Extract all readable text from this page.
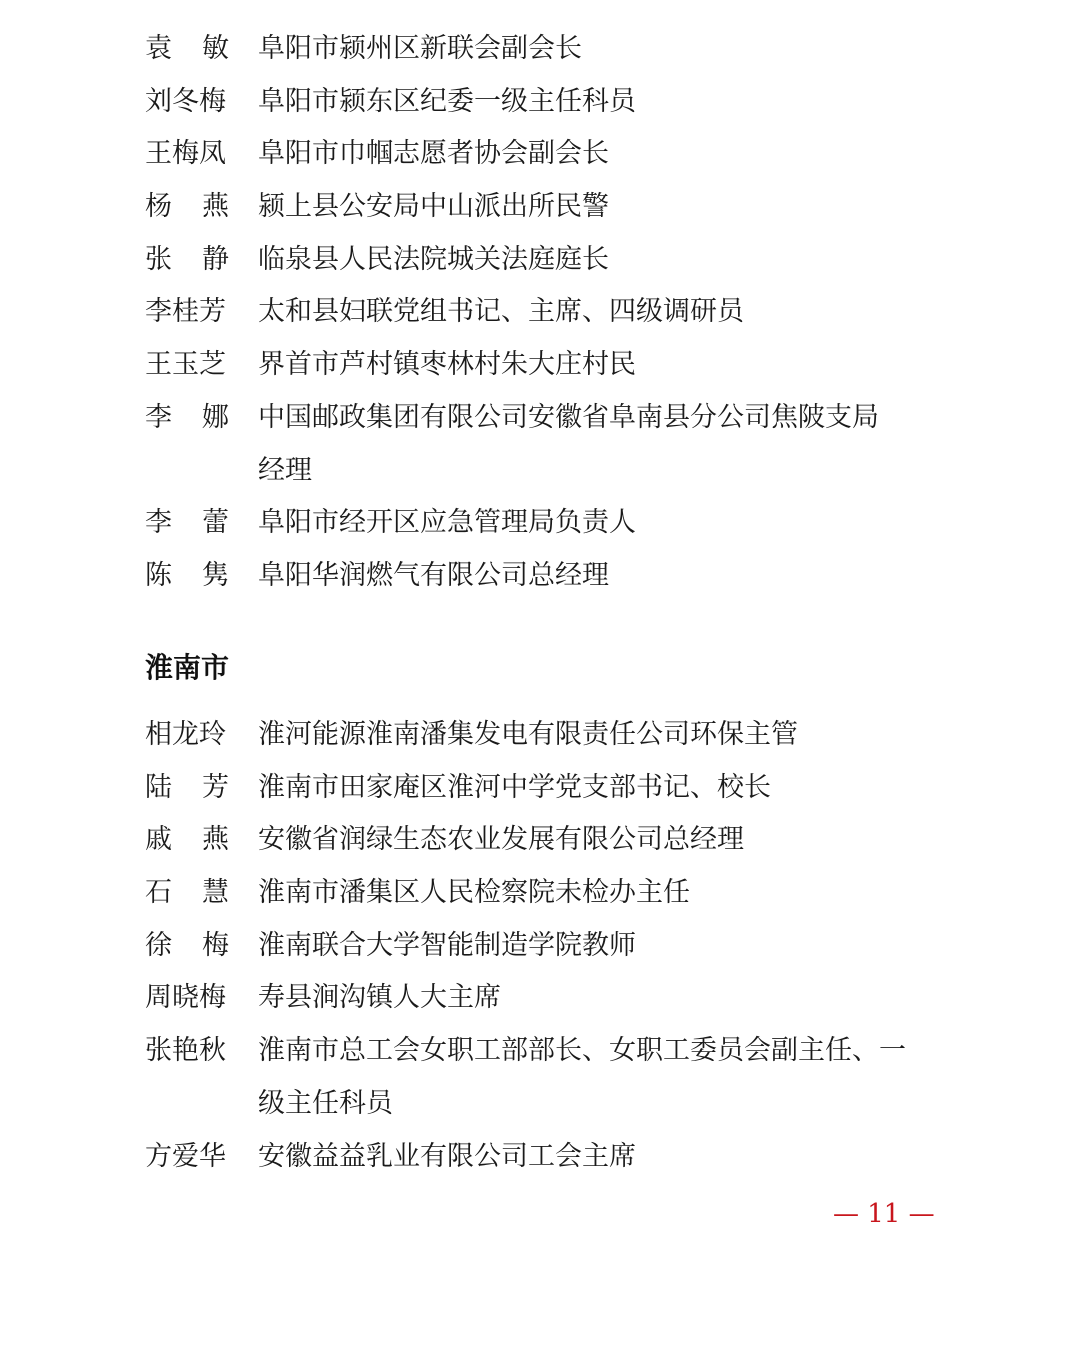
袁 敏 阜阳市颍州区新联会副会长
刘冬梅 阜阳市颍东区纪委一级主任科员
王梅凤 阜阳市巾帼志愿者协会副会长
杨 燕 颍上县公安局中山派出所民警
张 静 临泉县人民法院城关法庭庭长
李桂芳 太和县妇联党组书记、主席、四级调研员
王玉芝 界首市芦村镇枣林村朱大庄村民
李 娜 中国邮政集团有限公司安徽省阜南县分公司焦陂支局
经理
李 蕾 阜阳市经开区应急管理局负责人
陈 隽 阜阳华润燃气有限公司总经理
淮南市
相龙玲 淮河能源淮南潘集发电有限责任公司环保主管
陆 芳 淮南市田家庵区淮河中学党支部书记、校长
戚 燕 安徽省润绿生态农业发展有限公司总经理
石 慧 淮南市潘集区人民检察院未检办主任
徐 梅 淮南联合大学智能制造学院教师
周晓梅 寿县涧沟镇人大主席
张艳秋 淮南市总工会女职工部部长、女职工委员会副主任、一
级主任科员
方爱华 安徽益益乳业有限公司工会主席
— 11 —
